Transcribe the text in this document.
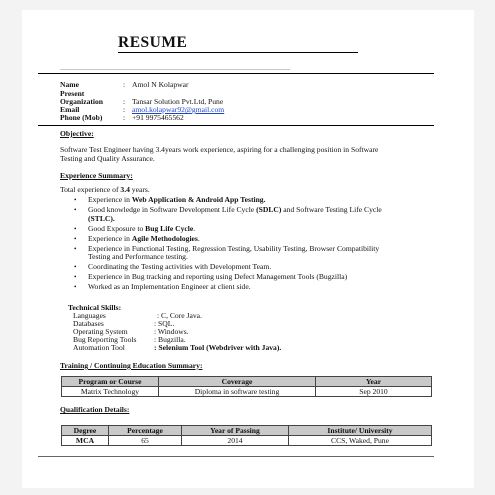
RESUME
Name	: Amol N Kolapwar
Present
Organization	: Tansar Solution Pvt.Ltd, Pune
Email	: amol.kolapwar92@gmail.com
Phone (Mob)	: +91 9975465562
Objective:
Software Test Engineer having 3.4years work experience, aspiring for a challenging position in Software
Testing and Quality Assurance.
Experience Summary:
Total experience of 3.4 years.
• Experience in Web Application & Android App Testing.
• Good knowledge in Software Development Life Cycle (SDLC) and Software Testing Life Cycle
(STLC).
• Good Exposure to Bug Life Cycle.
• Experience in Agile Methodologies.
• Experience in Functional Testing, Regression Testing, Usability Testing, Browser Compatibility
Testing and Performance testing.
• Coordinating the Testing activities with Development Team.
• Experience in Bug tracking and reporting using Defect Management Tools (Bugzilla)
• Worked as an Implementation Engineer at client side.
Technical Skills:
Languages	: C, Core Java.
Databases	: SQL.
Operating System	: Windows.
Bug Reporting Tools : Bugzilla.
Automation Tool	: Selenium Tool (Webdriver with Java).
Training / Continuing Education Summary:
Program or Course	Coverage	Year
Matrix Technology	Diploma in software testing	Sep 2010
Qualification Details:
Degree	Percentage	Year of Passing	Institute/ University
MCA	65	2014	CCS, Waked, Pune
